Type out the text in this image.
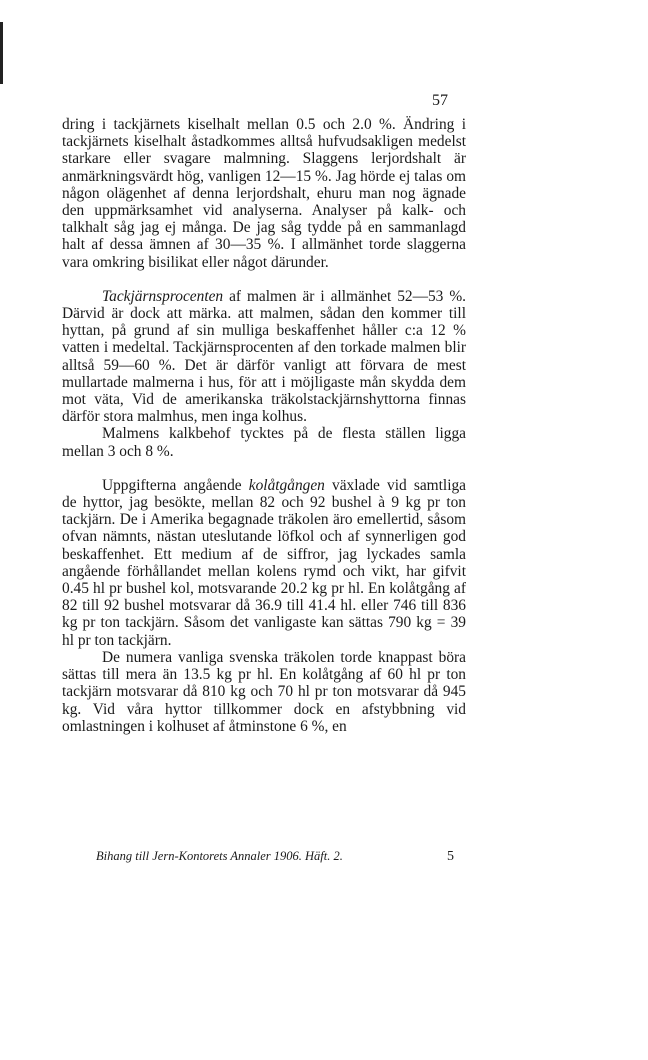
57

dring i tackjärnets kiselhalt mellan 0.5 och 2.0 %. Ändring i tackjärnets kiselhalt åstadkommes alltså hufvudsakligen medelst starkare eller svagare malmning. Slaggens lerjordshalt är anmärkningsvärdt hög, vanligen 12—15 %. Jag hörde ej talas om någon olägenhet af denna lerjordshalt, ehuru man nog ägnade den uppmärksamhet vid analyserna. Analyser på kalk- och talkhalt såg jag ej många. De jag såg tydde på en sammanlagd halt af dessa ämnen af 30—35 %. I allmänhet torde slaggerna vara omkring bisilikat eller något därunder.

Tackjärnsprocenten af malmen är i allmänhet 52—53 %. Därvid är dock att märka. att malmen, sådan den kommer till hyttan, på grund af sin mulliga beskaffenhet håller c:a 12 % vatten i medeltal. Tackjärnsprocenten af den torkade malmen blir alltså 59—60 %. Det är därför vanligt att förvara de mest mullartade malmerna i hus, för att i möjligaste mån skydda dem mot väta, Vid de amerikanska träkolstackjärnshyttorna finnas därför stora malmhus, men inga kolhus.

Malmens kalkbehof tycktes på de flesta ställen ligga mellan 3 och 8 %.

Uppgifterna angående kolåtgången växlade vid samtliga de hyttor, jag besökte, mellan 82 och 92 bushel à 9 kg pr ton tackjärn. De i Amerika begagnade träkolen äro emellertid, såsom ofvan nämnts, nästan uteslutande löfkol och af synnerligen god beskaffenhet. Ett medium af de siffror, jag lyckades samla angående förhållandet mellan kolens rymd och vikt, har gifvit 0.45 hl pr bushel kol, motsvarande 20.2 kg pr hl. En kolåtgång af 82 till 92 bushel motsvarar då 36.9 till 41.4 hl. eller 746 till 836 kg pr ton tackjärn. Såsom det vanligaste kan sättas 790 kg = 39 hl pr ton tackjärn.

De numera vanliga svenska träkolen torde knappast böra sättas till mera än 13.5 kg pr hl. En kolåtgång af 60 hl pr ton tackjärn motsvarar då 810 kg och 70 hl pr ton motsvarar då 945 kg. Vid våra hyttor tillkommer dock en afstybbning vid omlastningen i kolhuset af åtminstone 6 %, en

Bihang till Jern-Kontorets Annaler 1906. Häft. 2.	5
